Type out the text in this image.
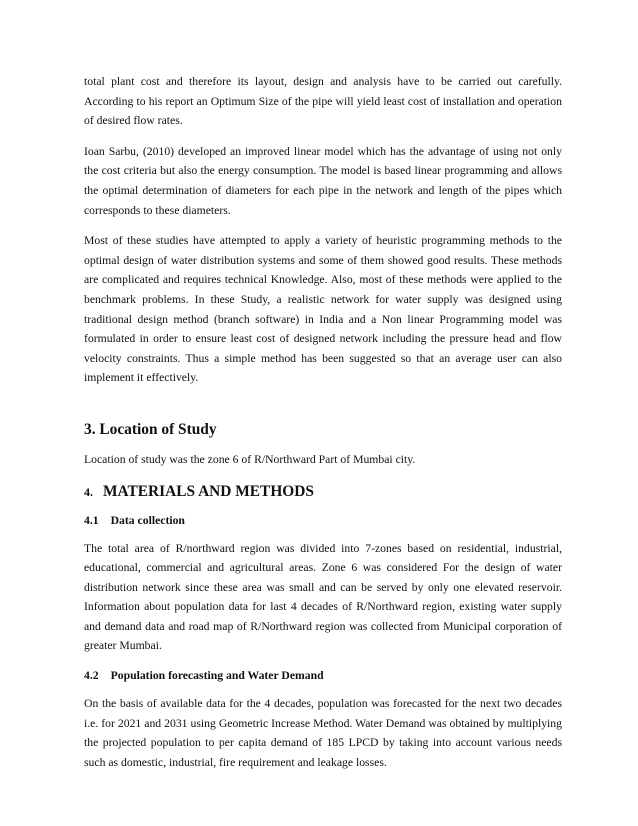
total plant cost and therefore its layout, design and analysis have to be carried out carefully. According to his report an Optimum Size of the pipe will yield least cost of installation and operation of desired flow rates.

Ioan Sarbu, (2010) developed an improved linear model which has the advantage of using not only the cost criteria but also the energy consumption. The model is based linear programming and allows the optimal determination of diameters for each pipe in the network and length of the pipes which corresponds to these diameters.

Most of these studies have attempted to apply a variety of heuristic programming methods to the optimal design of water distribution systems and some of them showed good results. These methods are complicated and requires technical Knowledge. Also, most of these methods were applied to the benchmark problems. In these Study, a realistic network for water supply was designed using traditional design method (branch software) in India and a Non linear Programming model was formulated in order to ensure least cost of designed network including the pressure head and flow velocity constraints. Thus a simple method has been suggested so that an average user can also implement it effectively.

3. Location of Study

Location of study was the zone 6 of R/Northward Part of Mumbai city.

4. MATERIALS AND METHODS
4.1 Data collection

The total area of R/northward region was divided into 7-zones based on residential, industrial, educational, commercial and agricultural areas. Zone 6 was considered For the design of water distribution network since these area was small and can be served by only one elevated reservoir. Information about population data for last 4 decades of R/Northward region, existing water supply and demand data and road map of R/Northward region was collected from Municipal corporation of greater Mumbai.

4.2 Population forecasting and Water Demand

On the basis of available data for the 4 decades, population was forecasted for the next two decades i.e. for 2021 and 2031 using Geometric Increase Method. Water Demand was obtained by multiplying the projected population to per capita demand of 185 LPCD by taking into account various needs such as domestic, industrial, fire requirement and leakage losses.
